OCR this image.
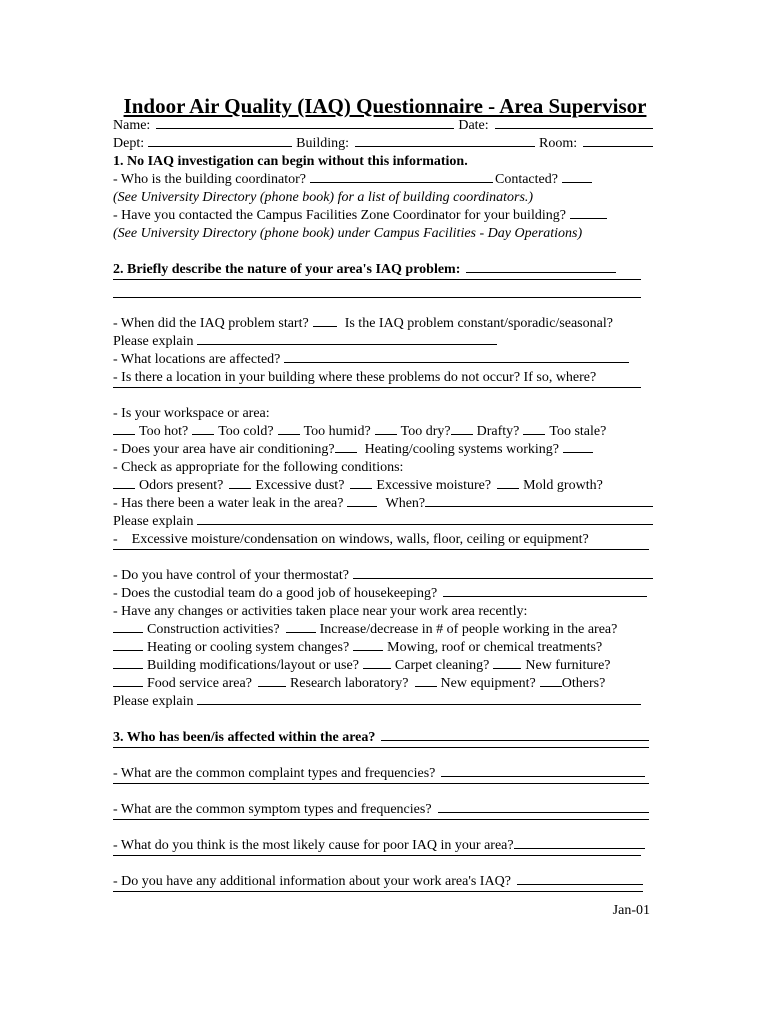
Indoor Air Quality (IAQ) Questionnaire - Area Supervisor
Name:	Date:
Dept:	Building:	Room:
1. No IAQ investigation can begin without this information.
- Who is the building coordinator?	Contacted?
(See University Directory (phone book) for a list of building coordinators.)
- Have you contacted the Campus Facilities Zone Coordinator for your building?
(See University Directory (phone book) under Campus Facilities - Day Operations)
2. Briefly describe the nature of your area's IAQ problem:
- When did the IAQ problem start?	Is the IAQ problem constant/sporadic/seasonal?
Please explain
- What locations are affected?
- Is there a location in your building where these problems do not occur? If so, where?
- Is your workspace or area:
Too hot? Too cold? Too humid? Too dry? Drafty? Too stale?
- Does your area have air conditioning? Heating/cooling systems working?
- Check as appropriate for the following conditions:
Odors present? Excessive dust? Excessive moisture? Mold growth?
- Has there been a water leak in the area?	When?
Please explain
- Excessive moisture/condensation on windows, walls, floor, ceiling or equipment?
- Do you have control of your thermostat?
- Does the custodial team do a good job of housekeeping?
- Have any changes or activities taken place near your work area recently:
Construction activities?	Increase/decrease in # of people working in the area?
Heating or cooling system changes?	Mowing, roof or chemical treatments?
Building modifications/layout or use?	Carpet cleaning?	New furniture?
Food service area?	Research laboratory? New equipment? Others?
Please explain
3. Who has been/is affected within the area?
- What are the common complaint types and frequencies?
- What are the common symptom types and frequencies?
- What do you think is the most likely cause for poor IAQ in your area?
- Do you have any additional information about your work area's IAQ?
Jan-01
